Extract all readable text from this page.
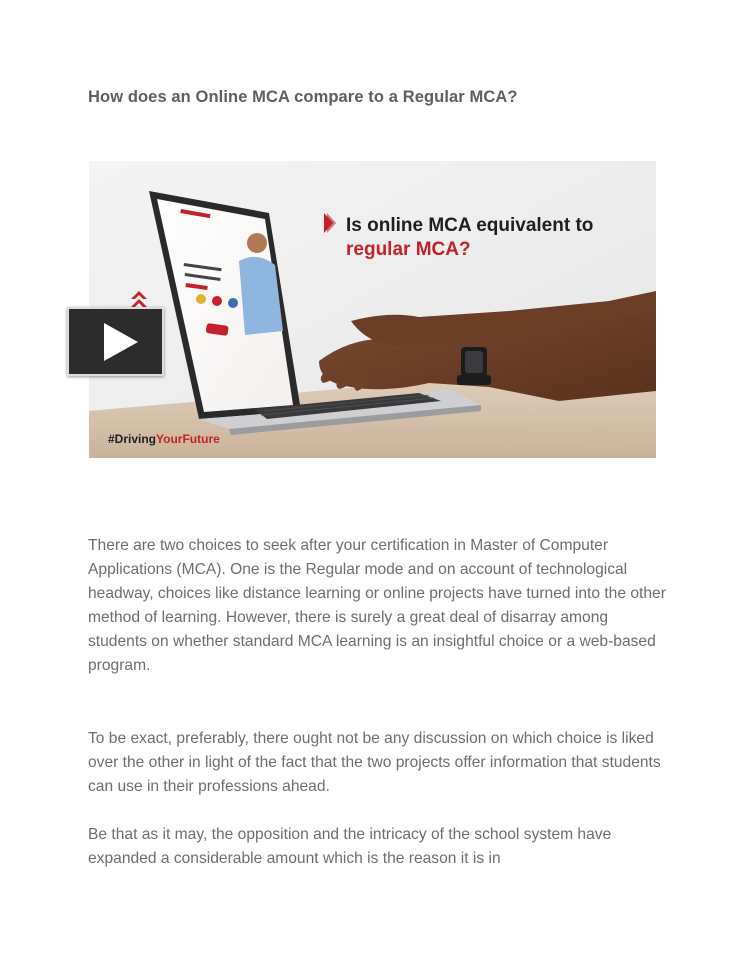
How does an Online MCA compare to a Regular MCA?
Is online MCA equivalent to
regular MCA?
#DrivingYourFuture

There are two choices to seek after your certification in Master of Computer Applications (MCA). One is the Regular mode and on account of technological headway, choices like distance learning or online projects have turned into the other method of learning. However, there is surely a great deal of disarray among students on whether standard MCA learning is an insightful choice or a web-based program.

To be exact, preferably, there ought not be any discussion on which choice is liked over the other in light of the fact that the two projects offer information that students can use in their professions ahead.

Be that as it may, the opposition and the intricacy of the school system have expanded a considerable amount which is the reason it is in
